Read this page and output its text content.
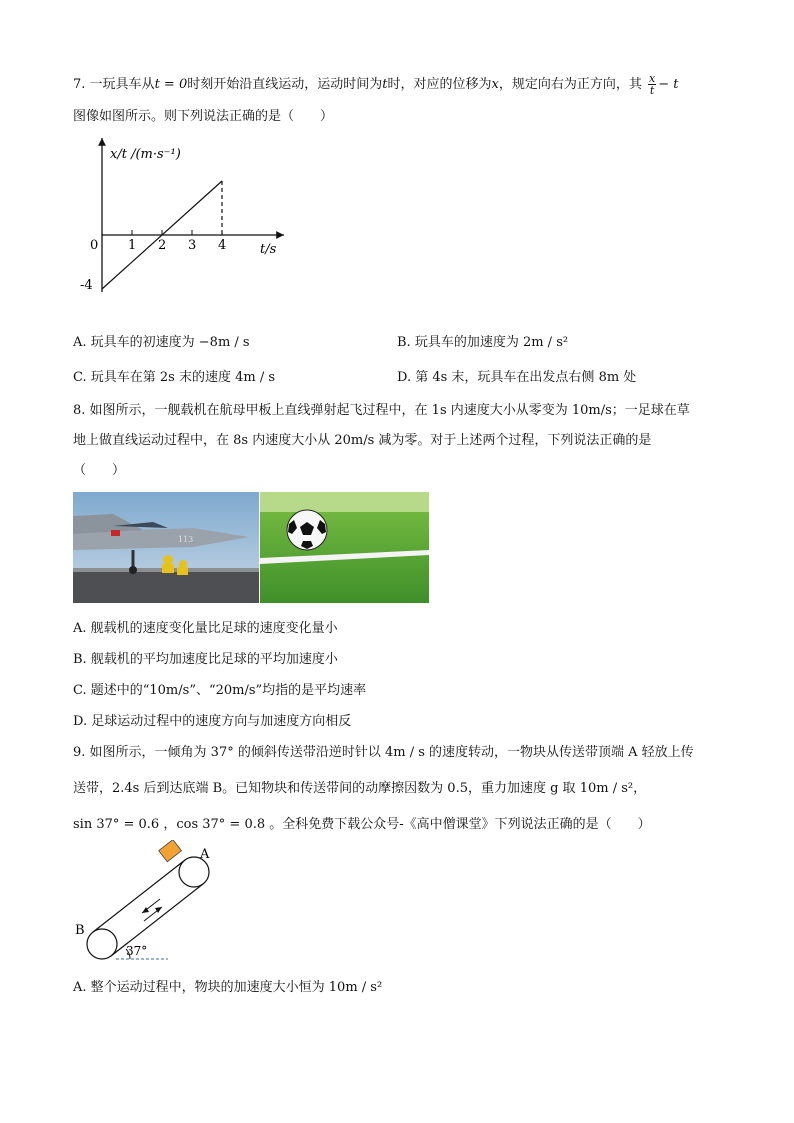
7. 一玩具车从t = 0时刻开始沿直线运动，运动时间为t时，对应的位移为x，规定向右为正方向，其 $\frac{x}{t} - t$
图像如图所示。则下列说法正确的是（　　）
x/t /(m·s⁻¹)
t/s
0 1 2 3 4
-4
A. 玩具车的初速度为 −8m / s	B. 玩具车的加速度为 2m / s²
C. 玩具车在第 2s 末的速度 4m / s	D. 第 4s 末，玩具车在出发点右侧 8m 处
8. 如图所示，一舰载机在航母甲板上直线弹射起飞过程中，在 1s 内速度大小从零变为 10m/s；一足球在草
地上做直线运动过程中，在 8s 内速度大小从 20m/s 减为零。对于上述两个过程，下列说法正确的是
（　　）
113
A. 舰载机的速度变化量比足球的速度变化量小
B. 舰载机的平均加速度比足球的平均加速度小
C. 题述中的“10m/s”、“20m/s”均指的是平均速率
D. 足球运动过程中的速度方向与加速度方向相反
9. 如图所示，一倾角为 37° 的倾斜传送带沿逆时针以 4m / s 的速度转动，一物块从传送带顶端 A 轻放上传
送带，2.4s 后到达底端 B。已知物块和传送带间的动摩擦因数为 0.5，重力加速度 g 取 10m / s²，
sin 37° = 0.6 ，cos 37° = 0.8 。全科免费下载公众号-《高中僧课堂》下列说法正确的是（　　）
A
B
37°
A. 整个运动过程中，物块的加速度大小恒为 10m / s²
